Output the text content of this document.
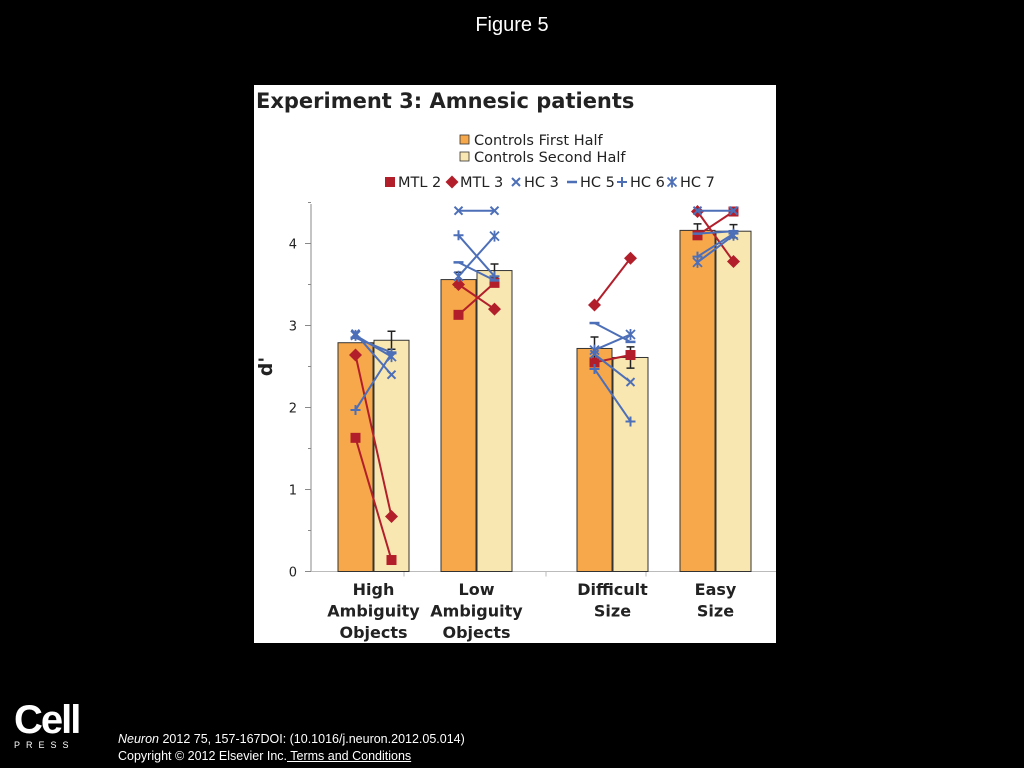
Figure 5
Experiment 3: Amnesic patients
Controls First Half
Controls Second Half
MTL 2 MTL 3 HC 3 HC 5 HC 6 HC 7
0
1
2
3
4
d'
High
Ambiguity
Objects
Low
Ambiguity
Objects
Difficult
Size
Easy
Size
Cell
PRESS	Neuron 2012 75, 157-167DOI: (10.1016/j.neuron.2012.05.014)
Copyright © 2012 Elsevier Inc. Terms and Conditions
